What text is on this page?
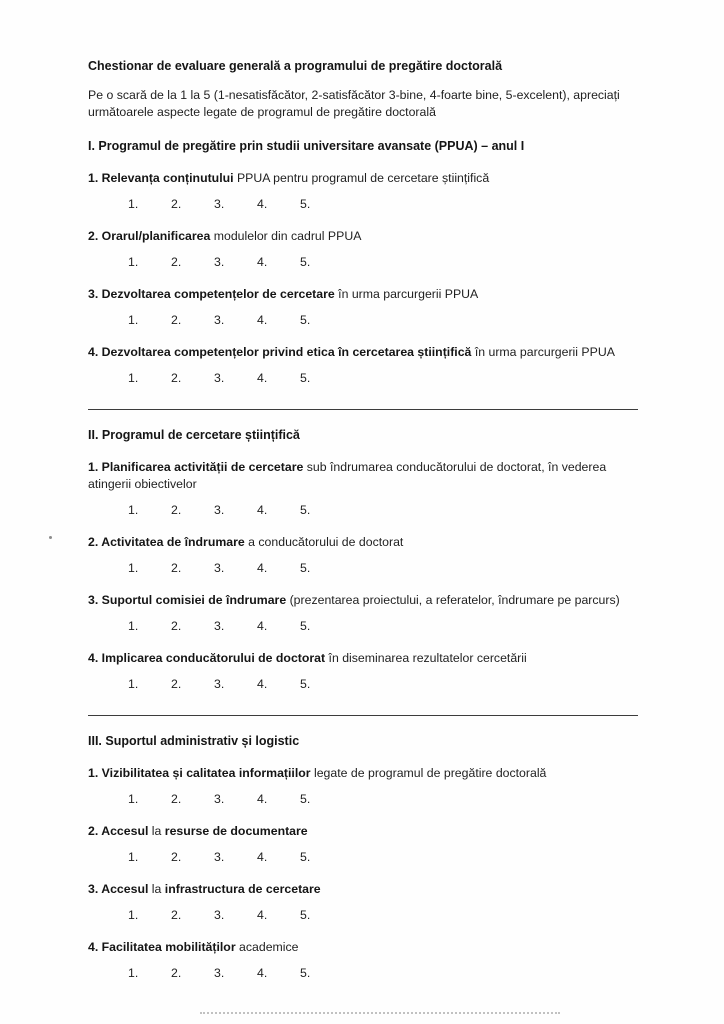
Chestionar de evaluare generală a programului de pregătire doctorală

Pe o scară de la 1 la 5 (1-nesatisfăcător, 2-satisfăcător 3-bine, 4-foarte bine, 5-excelent), apreciați următoarele aspecte legate de programul de pregătire doctorală

I. Programul de pregătire prin studii universitare avansate (PPUA) – anul I

1. Relevanța conținutului PPUA pentru programul de cercetare științifică

1.	2.	3.	4.	5.

2. Orarul/planificarea modulelor din cadrul PPUA

1.	2.	3.	4.	5.

3. Dezvoltarea competențelor de cercetare în urma parcurgerii PPUA

1.	2.	3.	4.	5.

4. Dezvoltarea competențelor privind etica în cercetarea științifică în urma parcurgerii PPUA

1.	2.	3.	4.	5.
II. Programul de cercetare științifică

1. Planificarea activității de cercetare sub îndrumarea conducătorului de doctorat, în vederea atingerii obiectivelor

1.	2.	3.	4.	5.

2. Activitatea de îndrumare a conducătorului de doctorat

1.	2.	3.	4.	5.

3. Suportul comisiei de îndrumare (prezentarea proiectului, a referatelor, îndrumare pe parcurs)

1.	2.	3.	4.	5.

4. Implicarea conducătorului de doctorat în diseminarea rezultatelor cercetării

1.	2.	3.	4.	5.
III. Suportul administrativ și logistic

1. Vizibilitatea și calitatea informațiilor legate de programul de pregătire doctorală

1.	2.	3.	4.	5.

2. Accesul la resurse de documentare

1.	2.	3.	4.	5.

3. Accesul la infrastructura de cercetare

1.	2.	3.	4.	5.

4. Facilitatea mobilităților academice

1.	2.	3.	4.	5.
